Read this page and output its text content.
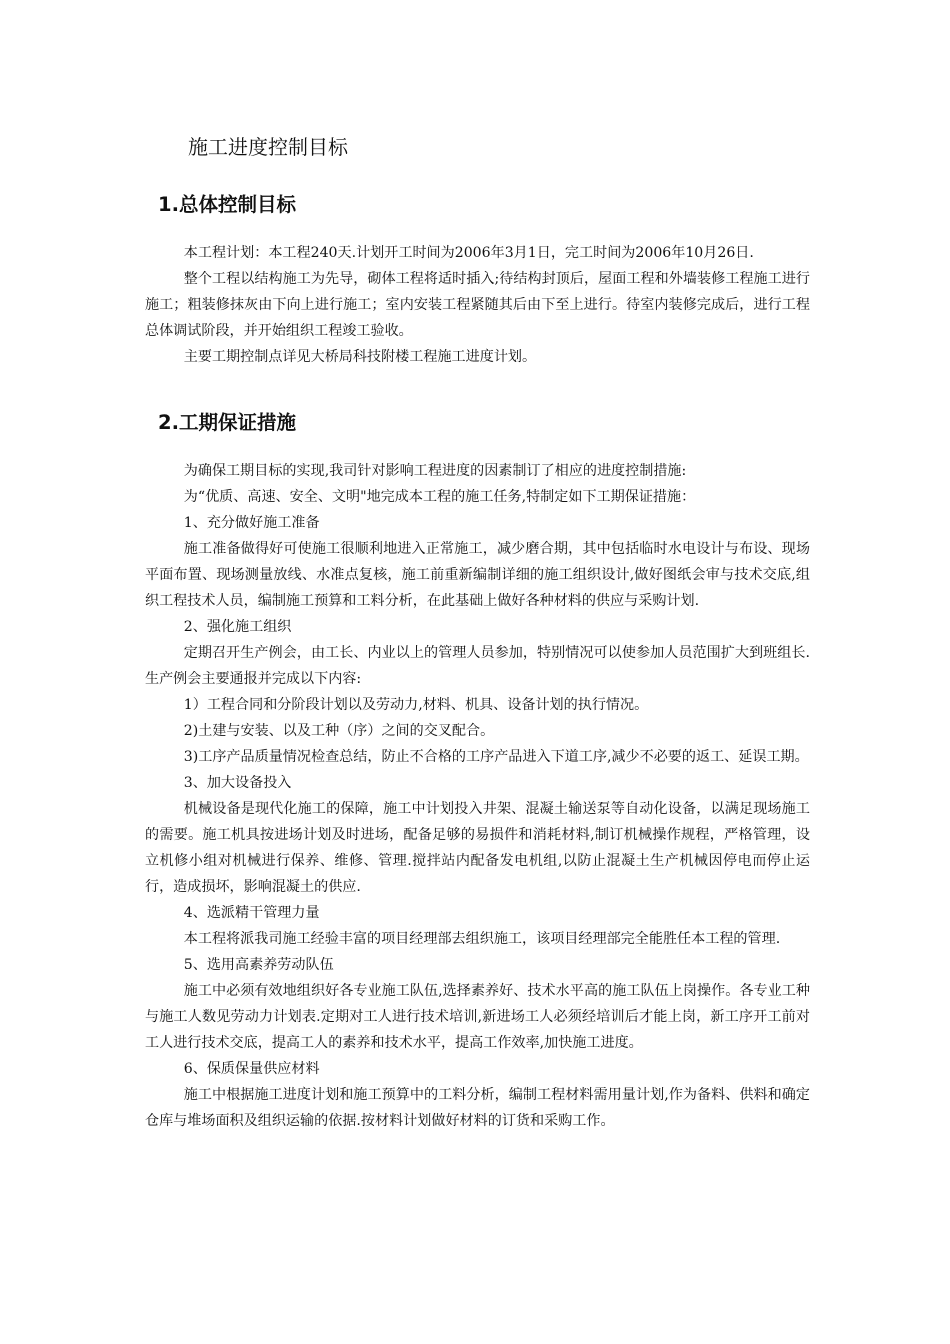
施工进度控制目标
1.总体控制目标

本工程计划：本工程240天.计划开工时间为2006年3月1日，完工时间为2006年10月26日.

整个工程以结构施工为先导，砌体工程将适时插入;待结构封顶后，屋面工程和外墙装修工程施工进行施工；粗装修抹灰由下向上进行施工；室内安装工程紧随其后由下至上进行。待室内装修完成后，进行工程总体调试阶段，并开始组织工程竣工验收。

主要工期控制点详见大桥局科技附楼工程施工进度计划。

2.工期保证措施

为确保工期目标的实现,我司针对影响工程进度的因素制订了相应的进度控制措施:

为“优质、高速、安全、文明"地完成本工程的施工任务,特制定如下工期保证措施：

1、充分做好施工准备

施工准备做得好可使施工很顺利地进入正常施工，减少磨合期，其中包括临时水电设计与布设、现场平面布置、现场测量放线、水准点复核，施工前重新编制详细的施工组织设计,做好图纸会审与技术交底,组织工程技术人员，编制施工预算和工料分析，在此基础上做好各种材料的供应与采购计划.

2、强化施工组织

定期召开生产例会，由工长、内业以上的管理人员参加，特别情况可以使参加人员范围扩大到班组长.生产例会主要通报并完成以下内容:

1）工程合同和分阶段计划以及劳动力,材料、机具、设备计划的执行情况。

2)土建与安装、以及工种（序）之间的交叉配合。

3)工序产品质量情况检查总结，防止不合格的工序产品进入下道工序,减少不必要的返工、延误工期。

3、加大设备投入

机械设备是现代化施工的保障，施工中计划投入井架、混凝土输送泵等自动化设备，以满足现场施工的需要。施工机具按进场计划及时进场，配备足够的易损件和消耗材料,制订机械操作规程，严格管理，设立机修小组对机械进行保养、维修、管理.搅拌站内配备发电机组,以防止混凝土生产机械因停电而停止运行，造成损坏，影响混凝土的供应.

4、选派精干管理力量

本工程将派我司施工经验丰富的项目经理部去组织施工，该项目经理部完全能胜任本工程的管理.

5、选用高素养劳动队伍

施工中必须有效地组织好各专业施工队伍,选择素养好、技术水平高的施工队伍上岗操作。各专业工种与施工人数见劳动力计划表.定期对工人进行技术培训,新进场工人必须经培训后才能上岗，新工序开工前对工人进行技术交底，提高工人的素养和技术水平，提高工作效率,加快施工进度。

6、保质保量供应材料

施工中根据施工进度计划和施工预算中的工料分析，编制工程材料需用量计划,作为备料、供料和确定仓库与堆场面积及组织运输的依据.按材料计划做好材料的订货和采购工作。
